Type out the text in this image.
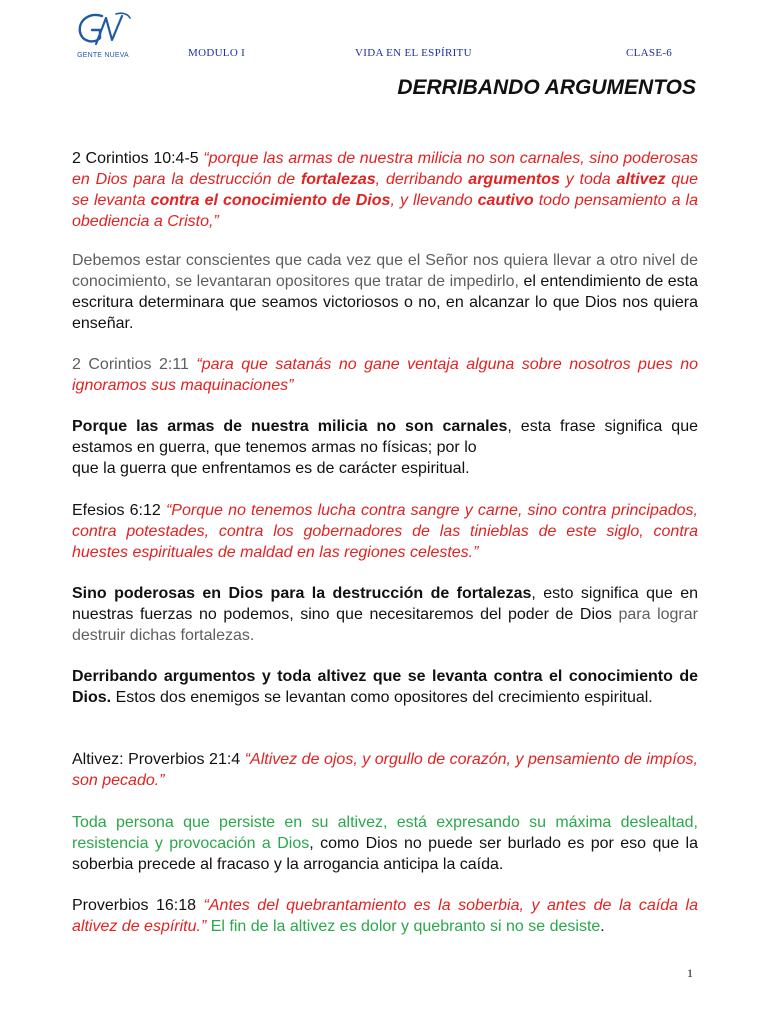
GENTE NUEVA	MODULO I	VIDA EN EL ESPÍRITU	CLASE-6
DERRIBANDO ARGUMENTOS

2 Corintios 10:4-5 “porque las armas de nuestra milicia no son carnales, sino poderosas en Dios para la destrucción de fortalezas, derribando argumentos y toda altivez que se levanta contra el conocimiento de Dios, y llevando cautivo todo pensamiento a la obediencia a Cristo,”

Debemos estar conscientes que cada vez que el Señor nos quiera llevar a otro nivel de conocimiento, se levantaran opositores que tratar de impedirlo, el entendimiento de esta escritura determinara que seamos victoriosos o no, en alcanzar lo que Dios nos quiera enseñar.

2 Corintios 2:11 “para que satanás no gane ventaja alguna sobre nosotros pues no ignoramos sus maquinaciones”

Porque las armas de nuestra milicia no son carnales, esta frase significa que estamos en guerra, que tenemos armas no físicas; por lo
que la guerra que enfrentamos es de carácter espiritual.

Efesios 6:12 “Porque no tenemos lucha contra sangre y carne, sino contra principados, contra potestades, contra los gobernadores de las tinieblas de este siglo, contra huestes espirituales de maldad en las regiones celestes.”

Sino poderosas en Dios para la destrucción de fortalezas, esto significa que en nuestras fuerzas no podemos, sino que necesitaremos del poder de Dios para lograr destruir dichas fortalezas.

Derribando argumentos y toda altivez que se levanta contra el conocimiento de Dios. Estos dos enemigos se levantan como opositores del crecimiento espiritual.

Altivez: Proverbios 21:4 “Altivez de ojos, y orgullo de corazón, y pensamiento de impíos, son pecado.”

Toda persona que persiste en su altivez, está expresando su máxima deslealtad, resistencia y provocación a Dios, como Dios no puede ser burlado es por eso que la soberbia precede al fracaso y la arrogancia anticipa la caída.

Proverbios 16:18 “Antes del quebrantamiento es la soberbia, y antes de la caída la altivez de espíritu.” El fin de la altivez es dolor y quebranto si no se desiste.

1
